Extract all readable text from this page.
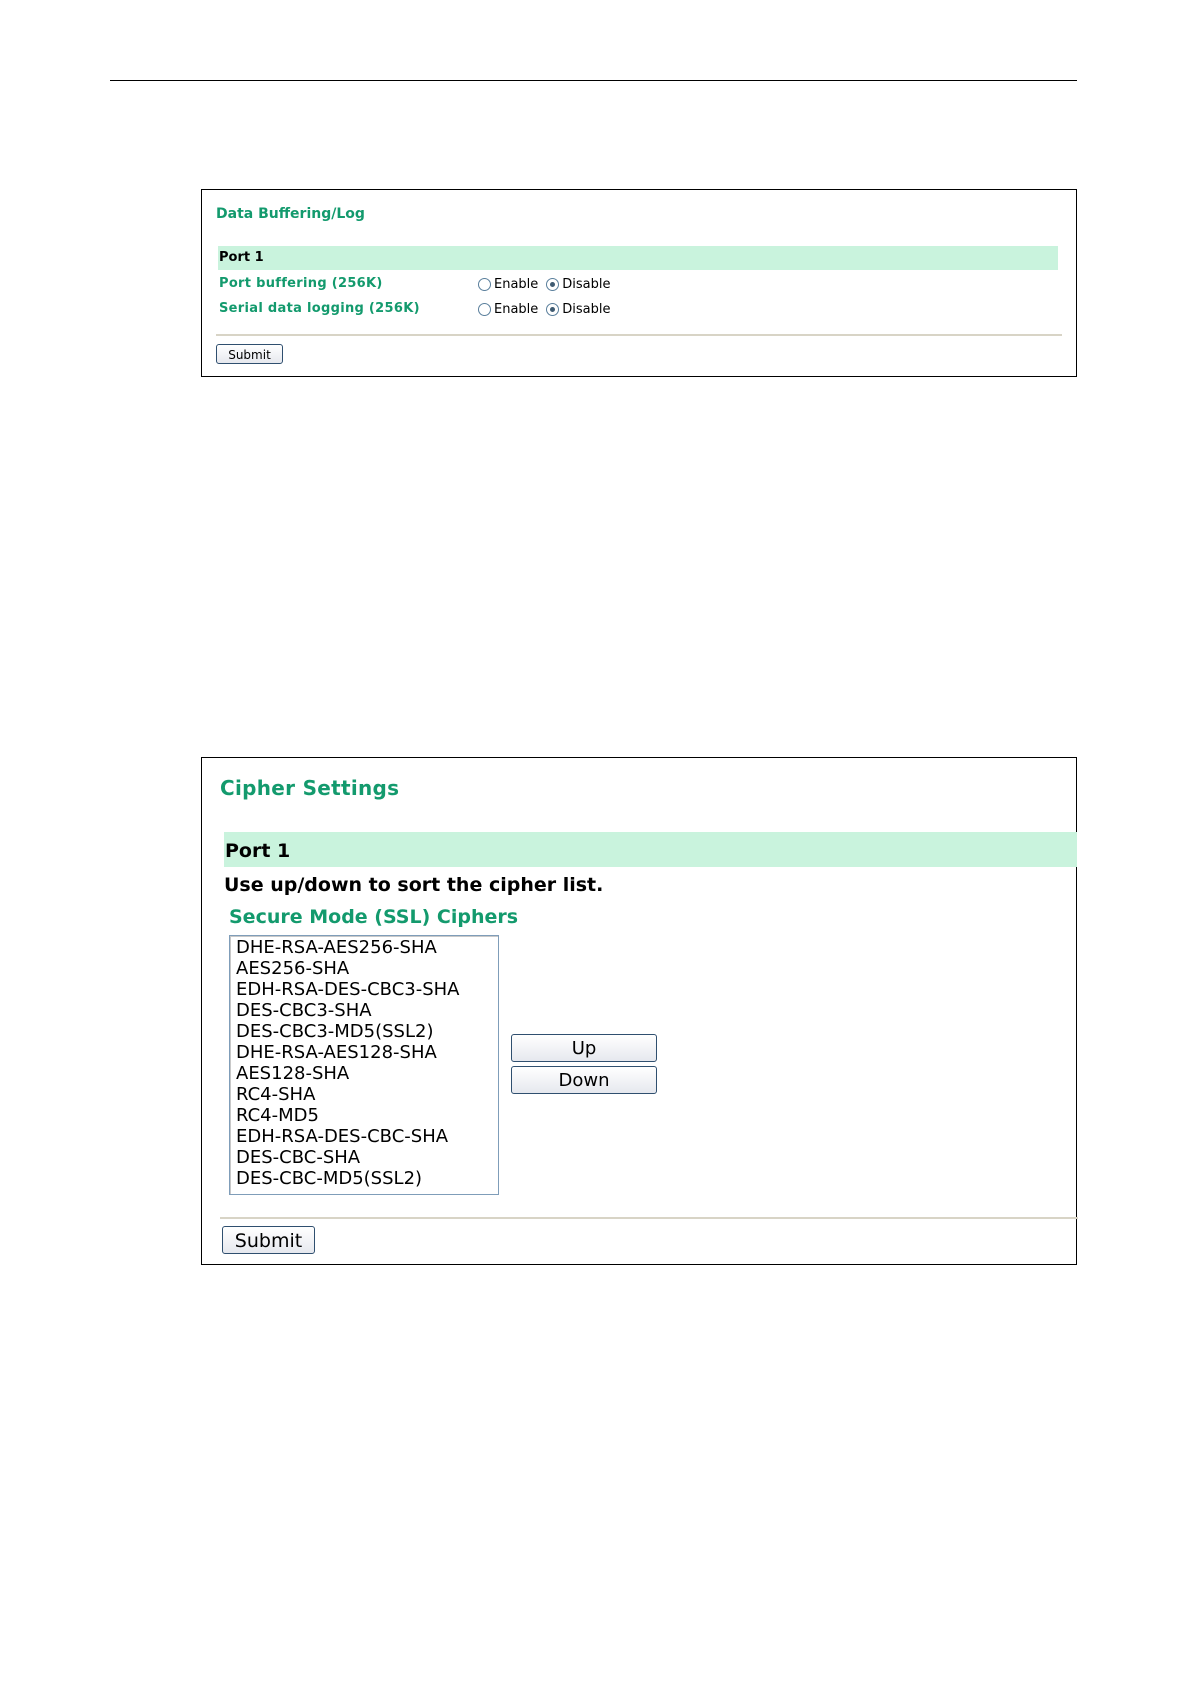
Data Buffering/Log
Port 1
Port buffering (256K)	Enable Disable
Serial data logging (256K)	Enable Disable
Submit
Cipher Settings
Port 1
Use up/down to sort the cipher list.
Secure Mode (SSL) Ciphers
DHE-RSA-AES256-SHA
AES256-SHA
EDH-RSA-DES-CBC3-SHA
DES-CBC3-SHA
DES-CBC3-MD5(SSL2)
DHE-RSA-AES128-SHA
AES128-SHA
RC4-SHA
RC4-MD5
EDH-RSA-DES-CBC-SHA
DES-CBC-SHA
DES-CBC-MD5(SSL2)
Up
Down
Submit
